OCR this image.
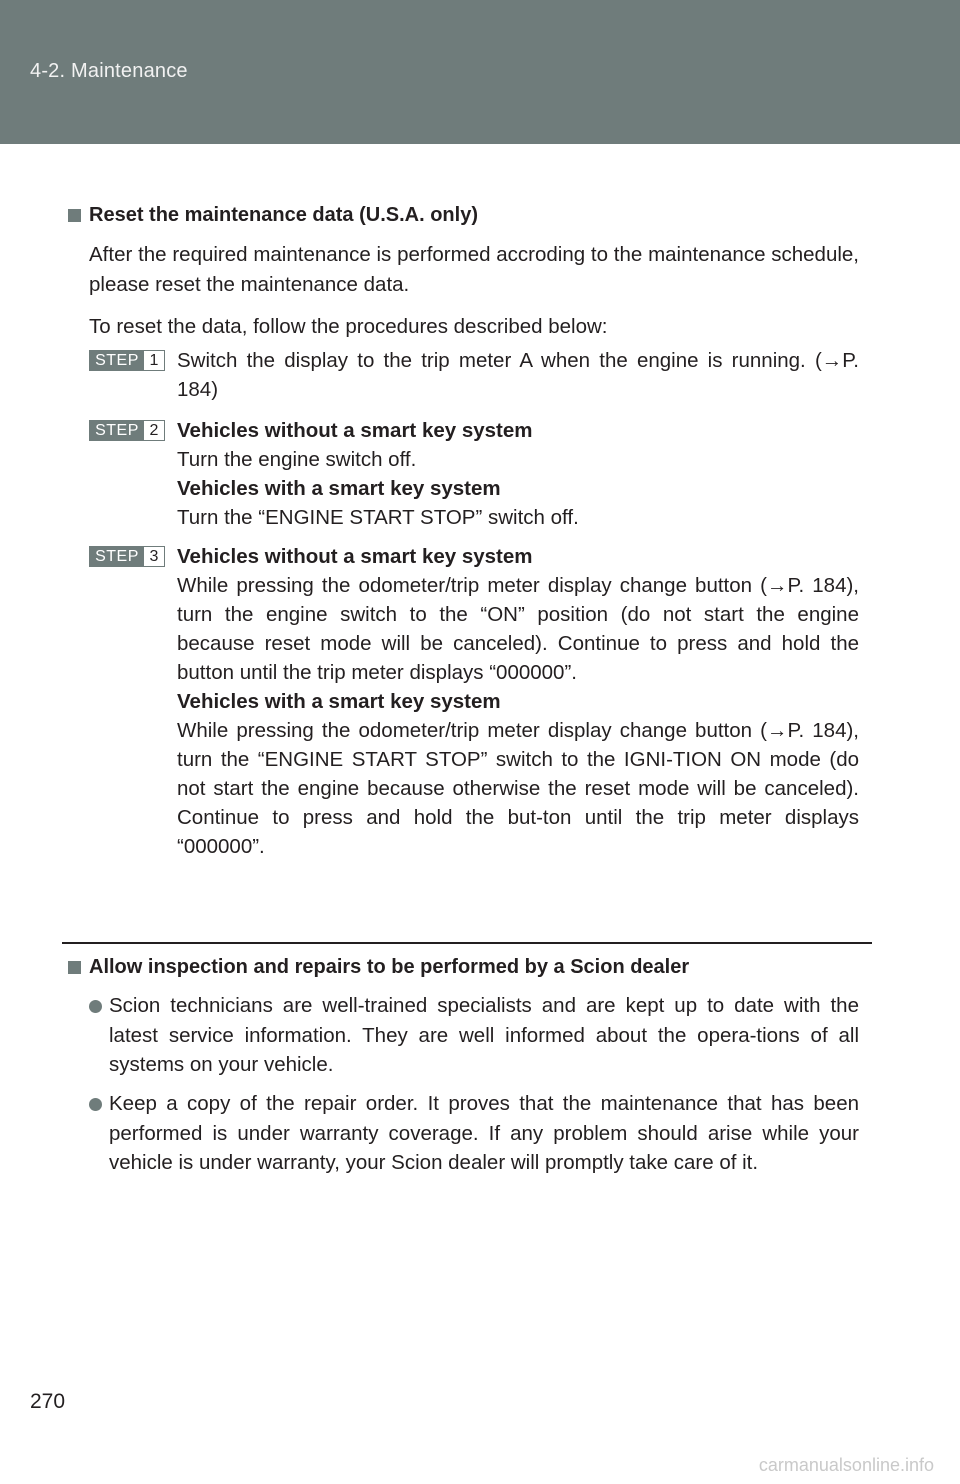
4-2. Maintenance
Reset the maintenance data (U.S.A. only)

After the required maintenance is performed accroding to the maintenance schedule, please reset the maintenance data.

To reset the data, follow the procedures described below:

STEP 1 Switch the display to the trip meter A when the engine is running. (→P. 184)

STEP 2 Vehicles without a smart key system
Turn the engine switch off.
Vehicles with a smart key system
Turn the “ENGINE START STOP” switch off.
STEP 3 Vehicles without a smart key system
While pressing the odometer/trip meter display change button (→P. 184), turn the engine switch to the “ON” position (do not start the engine because reset mode will be canceled). Continue to press and hold the button until the trip meter displays “000000”.
Vehicles with a smart key system
While pressing the odometer/trip meter display change button (→P. 184), turn the “ENGINE START STOP” switch to the IGNI-TION ON mode (do not start the engine because otherwise the reset mode will be canceled). Continue to press and hold the but-ton until the trip meter displays “000000”.
Allow inspection and repairs to be performed by a Scion dealer
Scion technicians are well-trained specialists and are kept up to date with the latest service information. They are well informed about the opera-tions of all systems on your vehicle.
Keep a copy of the repair order. It proves that the maintenance that has been performed is under warranty coverage. If any problem should arise while your vehicle is under warranty, your Scion dealer will promptly take care of it.
270
carmanualsonline.info
